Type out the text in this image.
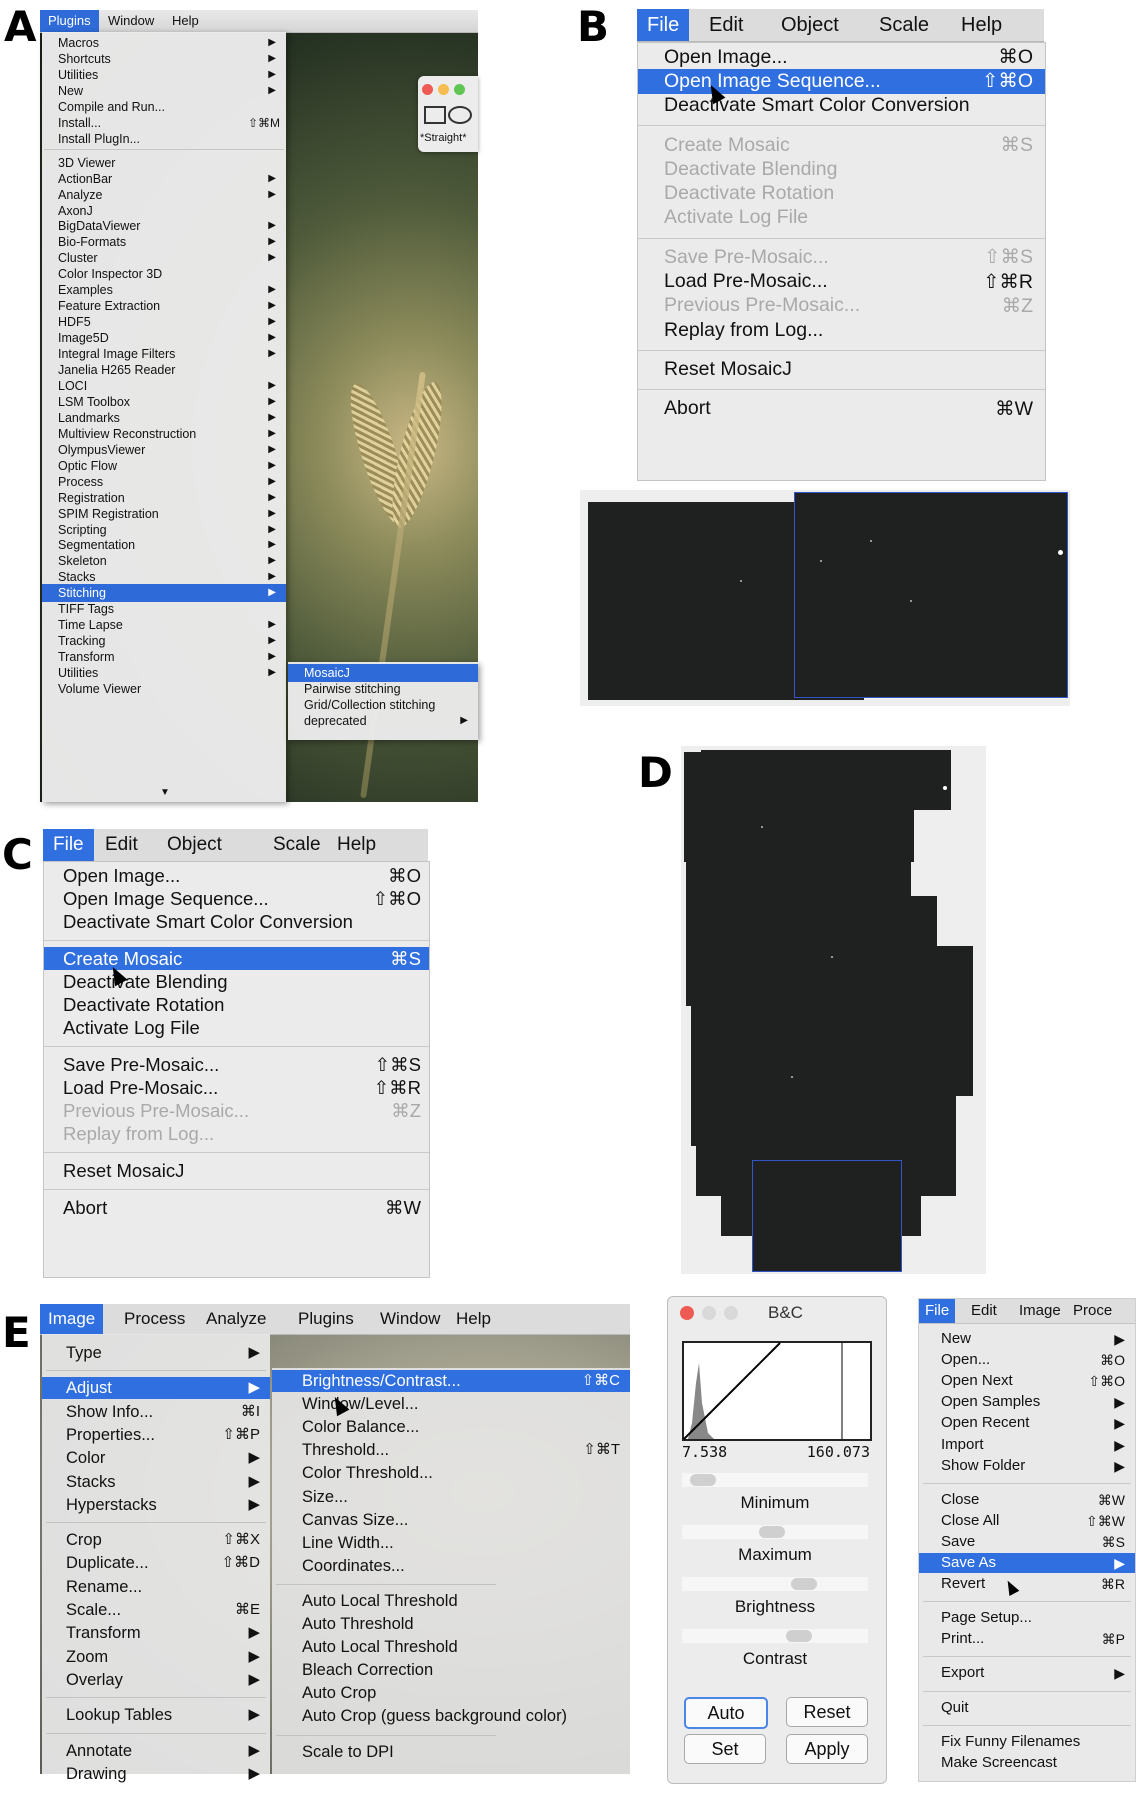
A	B
C
D
E
Plugins	Window	Help
*Straight*
Macros	▶
Shortcuts	▶
Utilities	▶
New	▶
Compile and Run...
Install...	⇧⌘M
Install PlugIn...
3D Viewer
ActionBar	▶
Analyze	▶
AxonJ
BigDataViewer	▶
Bio-Formats	▶
Cluster	▶
Color Inspector 3D
Examples	▶
Feature Extraction	▶
HDF5	▶
Image5D	▶
Integral Image Filters	▶
Janelia H265 Reader
LOCI	▶
LSM Toolbox	▶
Landmarks	▶
Multiview Reconstruction	▶
OlympusViewer	▶
Optic Flow	▶
Process	▶
Registration	▶
SPIM Registration	▶
Scripting	▶
Segmentation	▶
Skeleton	▶
Stacks	▶
Stitching	▶
TIFF Tags
Time Lapse	▶
Tracking	▶
Transform	▶
Utilities	▶
Volume Viewer
▼
MosaicJ
Pairwise stitching
Grid/Collection stitching
deprecated	▶
File	Edit	Object	Scale	Help
Open Image...	⌘O
Open Image Sequence...	⇧⌘O
Deactivate Smart Color Conversion
Create Mosaic	⌘S
Deactivate Blending
Deactivate Rotation
Activate Log File
Save Pre-Mosaic...	⇧⌘S
Load Pre-Mosaic...	⇧⌘R
Previous Pre-Mosaic...	⌘Z
Replay from Log...
Reset MosaicJ
Abort	⌘W
File	Edit	Object	Scale Help
Open Image...	⌘O
Open Image Sequence...	⇧⌘O
Deactivate Smart Color Conversion
Create Mosaic	⌘S
Deactivate Blending
Deactivate Rotation
Activate Log File
Save Pre-Mosaic...	⇧⌘S
Load Pre-Mosaic...	⇧⌘R
Previous Pre-Mosaic...	⌘Z
Replay from Log...
Reset MosaicJ
Abort	⌘W
Image	Process	Analyze	Plugins	Window Help
Type	▶
Adjust	▶
Show Info...	⌘I
Properties...	⇧⌘P
Color	▶
Stacks	▶
Hyperstacks	▶
Crop	⇧⌘X
Duplicate...	⇧⌘D
Rename...
Scale...	⌘E
Transform	▶
Zoom	▶
Overlay	▶
Lookup Tables	▶
Annotate	▶
Drawing	▶
Brightness/Contrast...	⇧⌘C
Window/Level...
Color Balance...
Threshold...	⇧⌘T
Color Threshold...
Size...
Canvas Size...
Line Width...
Coordinates...
Auto Local Threshold
Auto Threshold
Auto Local Threshold
Bleach Correction
Auto Crop
Auto Crop (guess background color)
Scale to DPI
B&C
7.538	160.073
Auto	Reset
Set	Apply
Minimum
Maximum
Brightness
Contrast
File	Edit	Image Proce
New	▶
Open...	⌘O
Open Next	⇧⌘O
Open Samples	▶
Open Recent	▶
Import	▶
Show Folder	▶
Close	⌘W
Close All	⇧⌘W
Save	⌘S
Save As	▶
Revert	⌘R
Page Setup...
Print...	⌘P
Export	▶
Quit
Fix Funny Filenames
Make Screencast
